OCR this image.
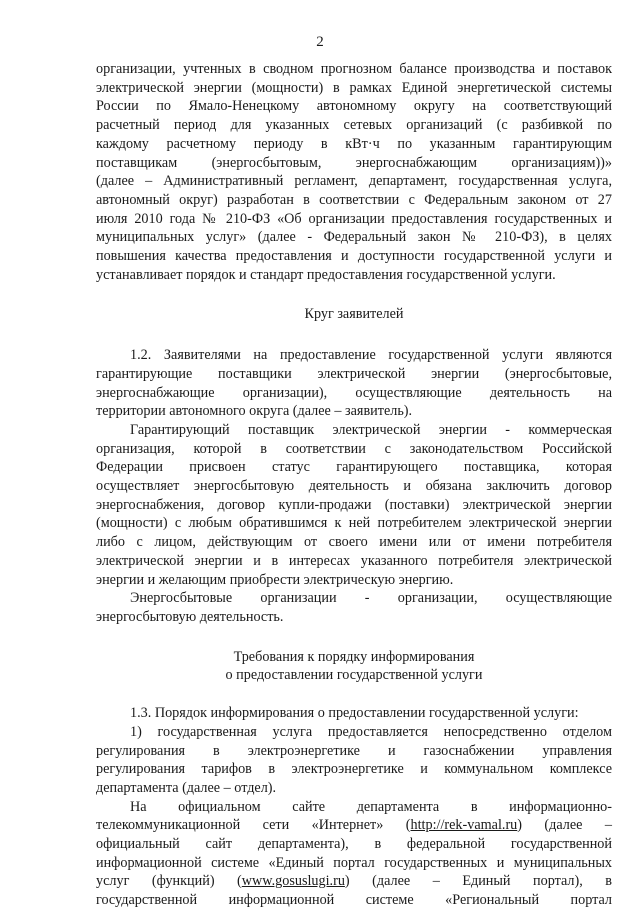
2
организации, учтенных в сводном прогнозном балансе производства и поставок
электрической энергии (мощности) в рамках Единой энергетической системы
России по Ямало-Ненецкому автономному округу на соответствующий
расчетный период для указанных сетевых организаций (с разбивкой по
каждому расчетному периоду в кВт·ч по указанным гарантирующим
поставщикам (энергосбытовым, энергоснабжающим организациям))»
(далее – Административный регламент, департамент, государственная услуга,
автономный округ) разработан в соответствии с Федеральным законом от 27
июля 2010 года № 210-ФЗ «Об организации предоставления государственных и
муниципальных услуг» (далее - Федеральный закон № 210-ФЗ), в целях
повышения качества предоставления и доступности государственной услуги и
устанавливает порядок и стандарт предоставления государственной услуги.
Круг заявителей
1.2. Заявителями на предоставление государственной услуги являются
гарантирующие поставщики электрической энергии (энергосбытовые,
энергоснабжающие организации), осуществляющие деятельность на
территории автономного округа (далее – заявитель).
Гарантирующий поставщик электрической энергии - коммерческая
организация, которой в соответствии с законодательством Российской
Федерации присвоен статус гарантирующего поставщика, которая
осуществляет энергосбытовую деятельность и обязана заключить договор
энергоснабжения, договор купли-продажи (поставки) электрической энергии
(мощности) с любым обратившимся к ней потребителем электрической энергии
либо с лицом, действующим от своего имени или от имени потребителя
электрической энергии и в интересах указанного потребителя электрической
энергии и желающим приобрести электрическую энергию.
Энергосбытовые организации - организации, осуществляющие
энергосбытовую деятельность.
Требования к порядку информирования
о предоставлении государственной услуги
1.3. Порядок информирования о предоставлении государственной услуги:
1) государственная услуга предоставляется непосредственно отделом
регулирования в электроэнергетике и газоснабжении управления
регулирования тарифов в электроэнергетике и коммунальном комплексе
департамента (далее – отдел).
На официальном сайте департамента в информационно-
телекоммуникационной сети «Интернет» (http://rek-vamal.ru) (далее –
официальный сайт департамента), в федеральной государственной
информационной системе «Единый портал государственных и муниципальных
услуг (функций) (www.gosuslugi.ru) (далее – Единый портал), в
государственной информационной системе «Региональный портал
